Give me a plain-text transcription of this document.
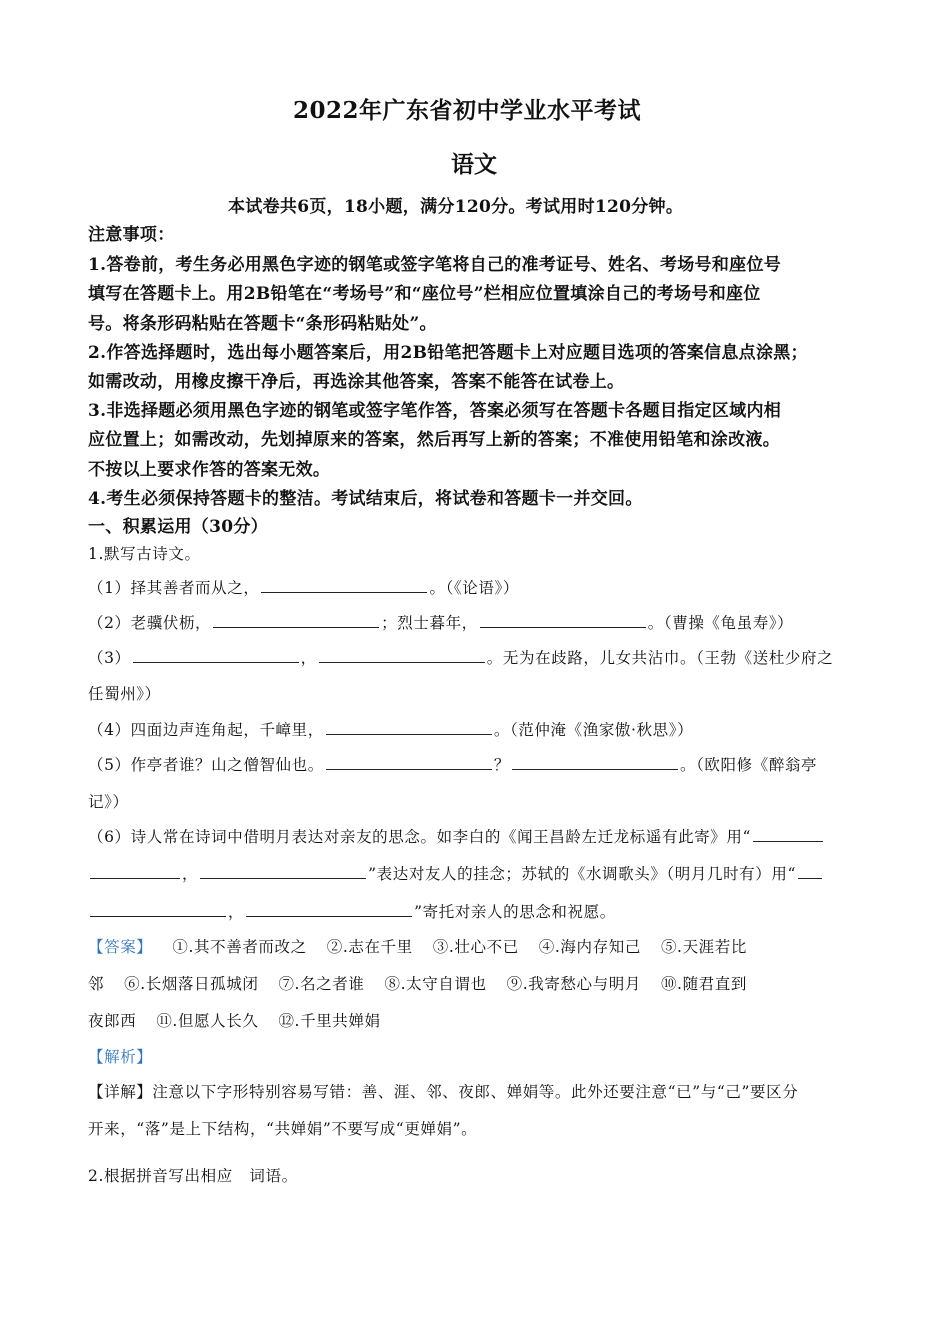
2022年广东省初中学业水平考试
语文
本试卷共6页，18小题，满分120分。考试用时120分钟。
注意事项：
1.答卷前，考生务必用黑色字迹的钢笔或签字笔将自己的准考证号、姓名、考场号和座位号
填写在答题卡上。用2B铅笔在“考场号”和“座位号”栏相应位置填涂自己的考场号和座位
号。将条形码粘贴在答题卡“条形码粘贴处”。
2.作答选择题时，选出每小题答案后，用2B铅笔把答题卡上对应题目选项的答案信息点涂黑；
如需改动，用橡皮擦干净后，再选涂其他答案，答案不能答在试卷上。
3.非选择题必须用黑色字迹的钢笔或签字笔作答，答案必须写在答题卡各题目指定区域内相
应位置上；如需改动，先划掉原来的答案，然后再写上新的答案；不准使用铅笔和涂改液。
不按以上要求作答的答案无效。
4.考生必须保持答题卡的整洁。考试结束后，将试卷和答题卡一并交回。
一、积累运用（30分）
1.默写古诗文。
（1）择其善者而从之，	。（《论语》）
（2）老骥伏枥，	；烈士暮年，	。（曹操《龟虽寿》）
（3）	，	。无为在歧路，儿女共沾巾。（王勃《送杜少府之
任蜀州》）
（4）四面边声连角起，千嶂里，	。（范仲淹《渔家傲·秋思》）
（5）作亭者谁？山之僧智仙也。	？	。（欧阳修《醉翁亭
记》）
（6）诗人常在诗词中借明月表达对亲友的思念。如李白的《闻王昌龄左迁龙标遥有此寄》用“
，	”表达对友人的挂念；苏轼的《水调歌头》（明月几时有）用“
，	”寄托对亲人的思念和祝愿。
【答案】 ①.其不善者而改之 ②.志在千里 ③.壮心不已 ④.海内存知己 ⑤.天涯若比
邻 ⑥.长烟落日孤城闭 ⑦.名之者谁 ⑧.太守自谓也 ⑨.我寄愁心与明月 ⑩.随君直到
夜郎西 ⑪.但愿人长久 ⑫.千里共婵娟
【解析】
【详解】注意以下字形特别容易写错：善、涯、邻、夜郎、婵娟等。此外还要注意“已”与“己”要区分
开来，“落”是上下结构，“共婵娟”不要写成“更婵娟”。
2.根据拼音写出相应   词语。
